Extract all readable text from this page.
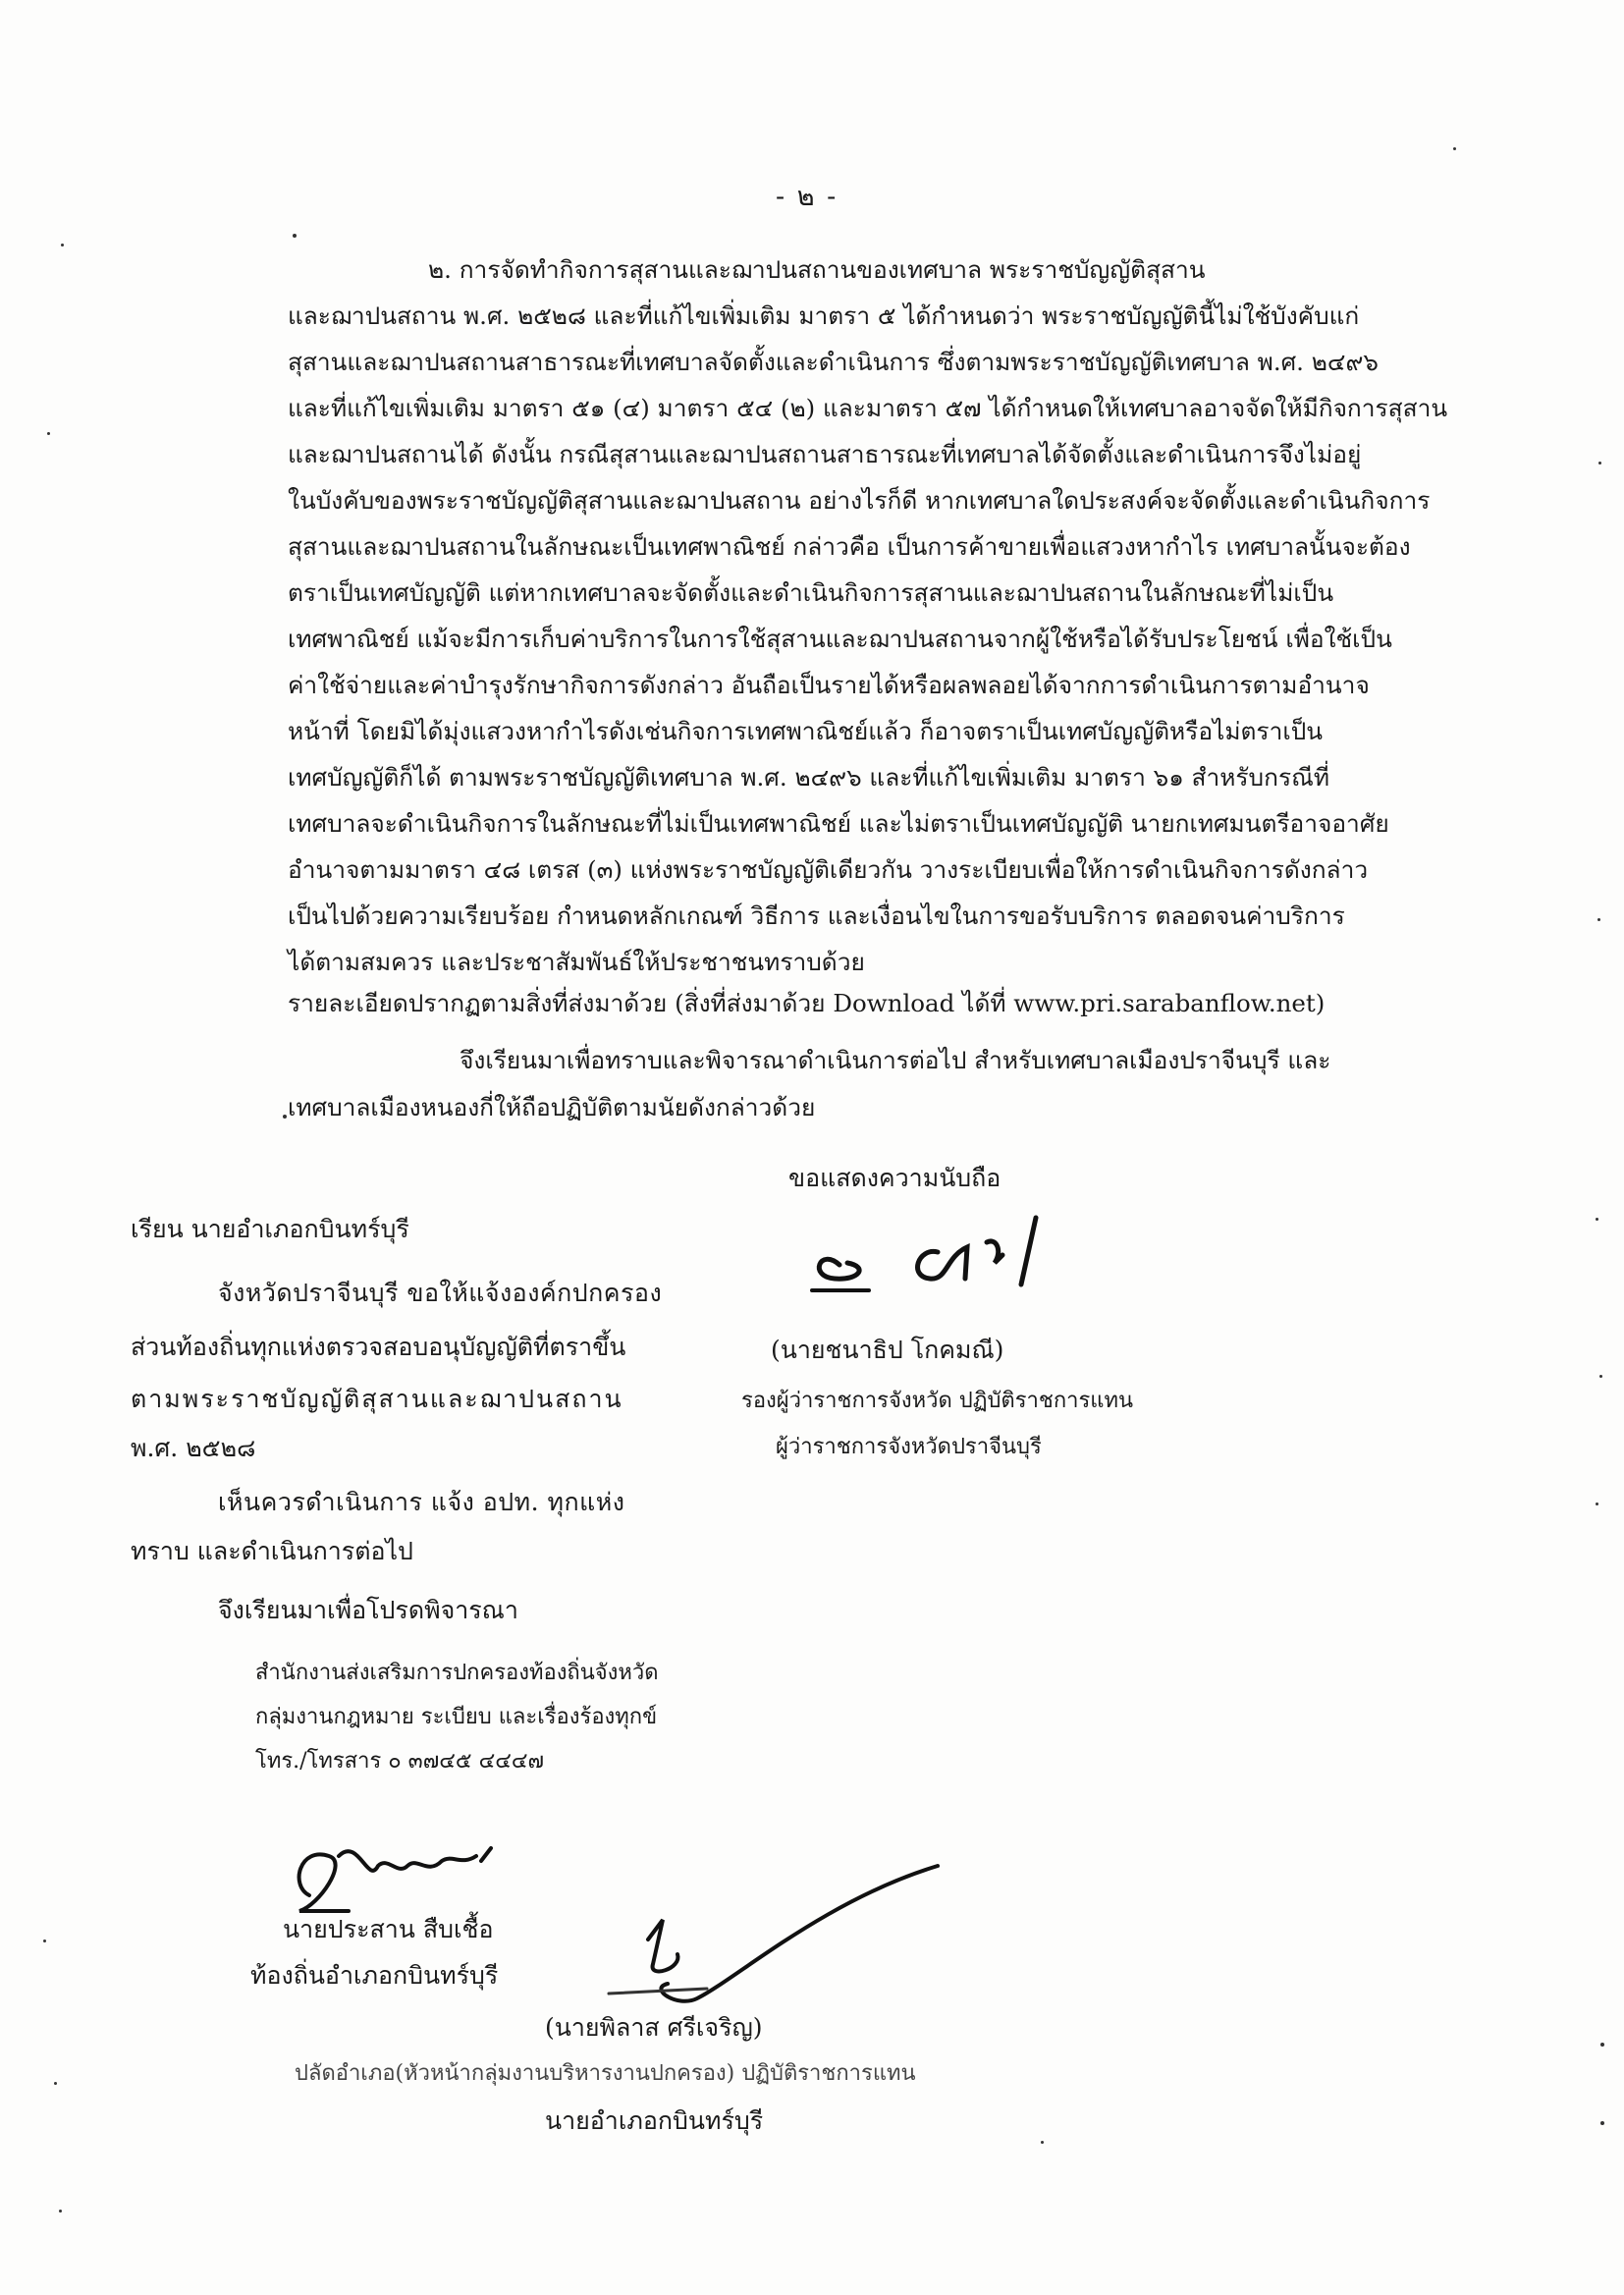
- ๒ -
๒. การจัดทำกิจการสุสานและฌาปนสถานของเทศบาล พระราชบัญญัติสุสาน
และฌาปนสถาน พ.ศ. ๒๕๒๘ และที่แก้ไขเพิ่มเติม มาตรา ๕ ได้กำหนดว่า พระราชบัญญัตินี้ไม่ใช้บังคับแก่
สุสานและฌาปนสถานสาธารณะที่เทศบาลจัดตั้งและดำเนินการ ซึ่งตามพระราชบัญญัติเทศบาล พ.ศ. ๒๔๙๖
และที่แก้ไขเพิ่มเติม มาตรา ๕๑ (๔) มาตรา ๕๔ (๒) และมาตรา ๕๗ ได้กำหนดให้เทศบาลอาจจัดให้มีกิจการสุสาน
และฌาปนสถานได้ ดังนั้น กรณีสุสานและฌาปนสถานสาธารณะที่เทศบาลได้จัดตั้งและดำเนินการจึงไม่อยู่
ในบังคับของพระราชบัญญัติสุสานและฌาปนสถาน อย่างไรก็ดี หากเทศบาลใดประสงค์จะจัดตั้งและดำเนินกิจการ
สุสานและฌาปนสถานในลักษณะเป็นเทศพาณิชย์ กล่าวคือ เป็นการค้าขายเพื่อแสวงหากำไร เทศบาลนั้นจะต้อง
ตราเป็นเทศบัญญัติ แต่หากเทศบาลจะจัดตั้งและดำเนินกิจการสุสานและฌาปนสถานในลักษณะที่ไม่เป็น
เทศพาณิชย์ แม้จะมีการเก็บค่าบริการในการใช้สุสานและฌาปนสถานจากผู้ใช้หรือได้รับประโยชน์ เพื่อใช้เป็น
ค่าใช้จ่ายและค่าบำรุงรักษากิจการดังกล่าว อันถือเป็นรายได้หรือผลพลอยได้จากการดำเนินการตามอำนาจ
หน้าที่ โดยมิได้มุ่งแสวงหากำไรดังเช่นกิจการเทศพาณิชย์แล้ว ก็อาจตราเป็นเทศบัญญัติหรือไม่ตราเป็น
เทศบัญญัติก็ได้ ตามพระราชบัญญัติเทศบาล พ.ศ. ๒๔๙๖ และที่แก้ไขเพิ่มเติม มาตรา ๖๑ สำหรับกรณีที่
เทศบาลจะดำเนินกิจการในลักษณะที่ไม่เป็นเทศพาณิชย์ และไม่ตราเป็นเทศบัญญัติ นายกเทศมนตรีอาจอาศัย
อำนาจตามมาตรา ๔๘ เตรส (๓) แห่งพระราชบัญญัติเดียวกัน วางระเบียบเพื่อให้การดำเนินกิจการดังกล่าว
เป็นไปด้วยความเรียบร้อย กำหนดหลักเกณฑ์ วิธีการ และเงื่อนไขในการขอรับบริการ ตลอดจนค่าบริการ
ได้ตามสมควร และประชาสัมพันธ์ให้ประชาชนทราบด้วย
รายละเอียดปรากฏตามสิ่งที่ส่งมาด้วย (สิ่งที่ส่งมาด้วย Download ได้ที่ www.pri.sarabanflow.net)
จึงเรียนมาเพื่อทราบและพิจารณาดำเนินการต่อไป สำหรับเทศบาลเมืองปราจีนบุรี และ
เทศบาลเมืองหนองกี่ให้ถือปฏิบัติตามนัยดังกล่าวด้วย
ขอแสดงความนับถือ
(นายชนาธิป โกคมณี)
รองผู้ว่าราชการจังหวัด ปฏิบัติราชการแทน
ผู้ว่าราชการจังหวัดปราจีนบุรี
เรียน นายอำเภอกบินทร์บุรี
จังหวัดปราจีนบุรี ขอให้แจ้งองค์กปกครอง
ส่วนท้องถิ่นทุกแห่งตรวจสอบอนุบัญญัติที่ตราขึ้น
ตามพระราชบัญญัติสุสานและฌาปนสถาน
พ.ศ. ๒๕๒๘
เห็นควรดำเนินการ แจ้ง อปท. ทุกแห่ง
ทราบ และดำเนินการต่อไป
จึงเรียนมาเพื่อโปรดพิจารณา
สำนักงานส่งเสริมการปกครองท้องถิ่นจังหวัด
กลุ่มงานกฎหมาย ระเบียบ และเรื่องร้องทุกข์
โทร./โทรสาร ๐ ๓๗๔๕ ๔๔๔๗
นายประสาน สืบเชื้อ
ท้องถิ่นอำเภอกบินทร์บุรี
(นายพิลาส ศรีเจริญ)
ปลัดอำเภอ(หัวหน้ากลุ่มงานบริหารงานปกครอง) ปฏิบัติราชการแทน
นายอำเภอกบินทร์บุรี
